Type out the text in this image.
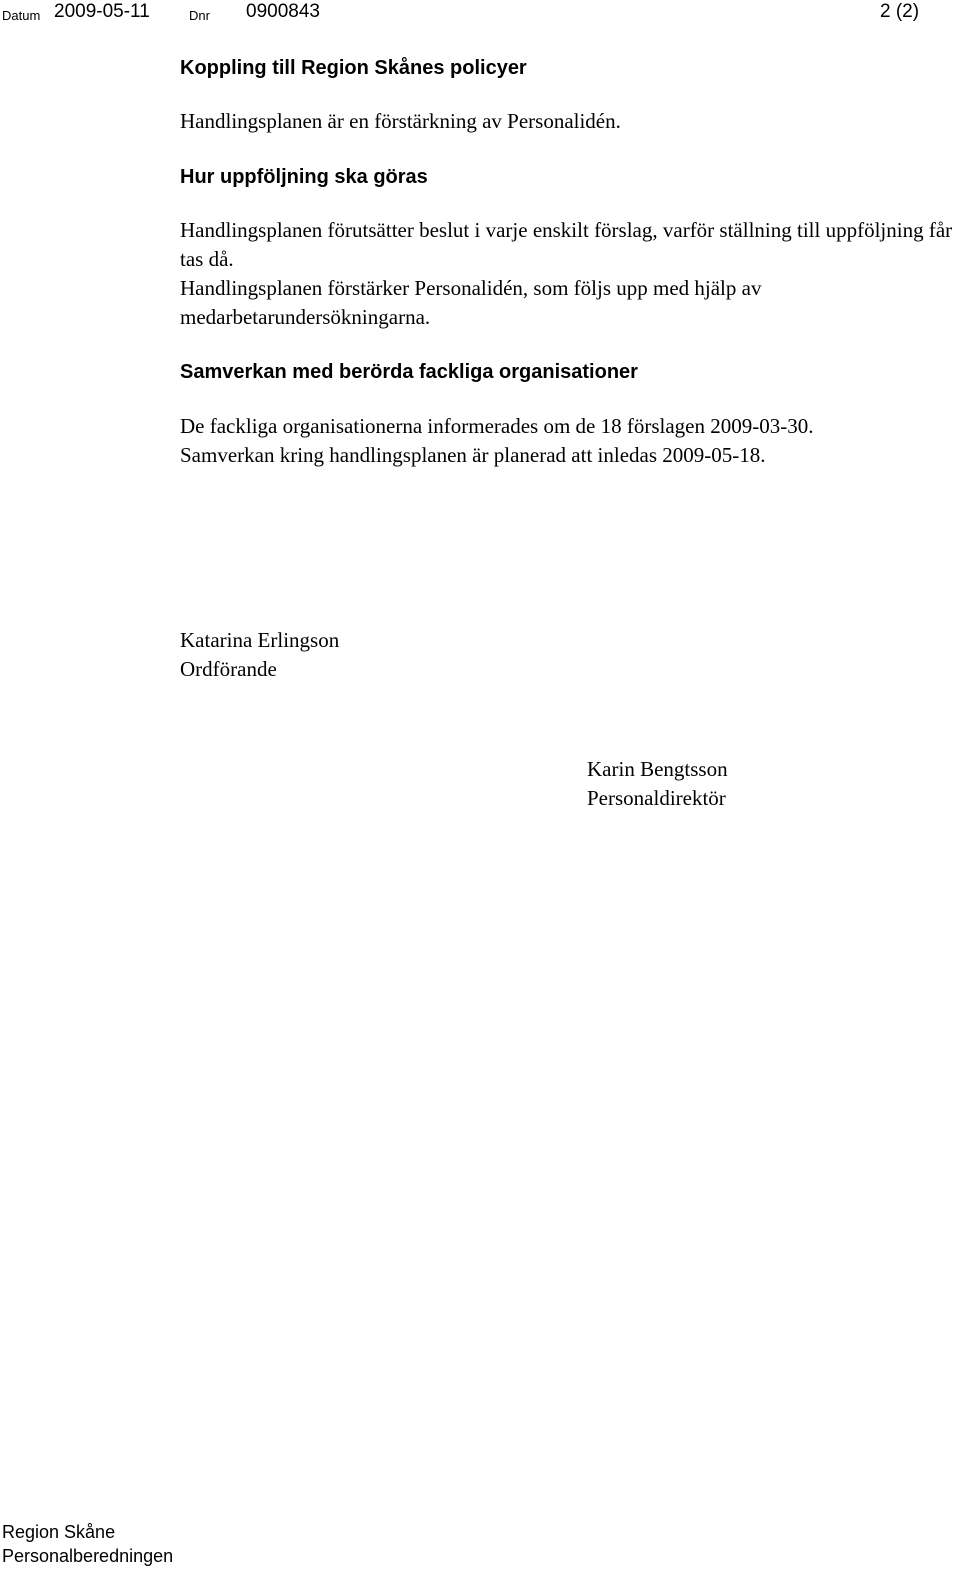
Datum 2009-05-11	Dnr 0900843	2 (2)
Koppling till Region Skånes policyer
Handlingsplanen är en förstärkning av Personalidén.
Hur uppföljning ska göras
Handlingsplanen förutsätter beslut i varje enskilt förslag, varför ställning till uppföljning får tas då.
Handlingsplanen förstärker Personalidén, som följs upp med hjälp av medarbetarundersökningarna.
Samverkan med berörda fackliga organisationer
De fackliga organisationerna informerades om de 18 förslagen 2009-03-30.
Samverkan kring handlingsplanen är planerad att inledas 2009-05-18.
Katarina Erlingson
Ordförande
Karin Bengtsson
Personaldirektör
Region Skåne
Personalberedningen
